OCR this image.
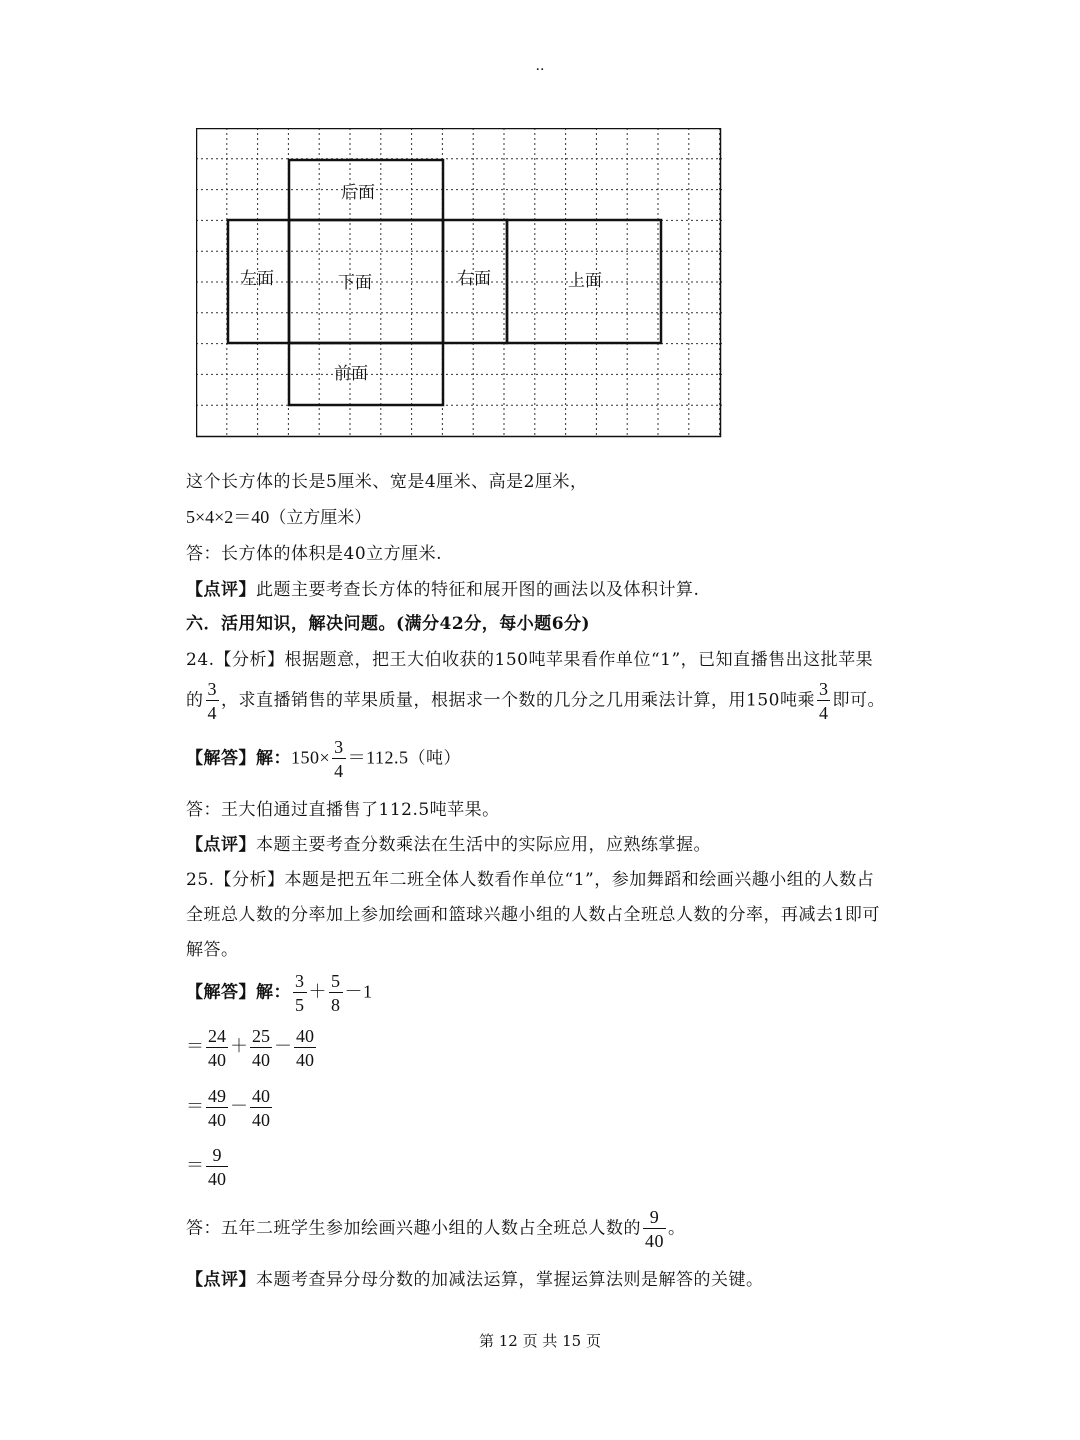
..
后面
左面	下面	右面	上面
前面
这个长方体的长是5厘米、宽是4厘米、高是2厘米，
5×4×2＝40（立方厘米）
答：长方体的体积是40立方厘米.
【点评】此题主要考查长方体的特征和展开图的画法以及体积计算.
六．活用知识，解决问题。(满分42分，每小题6分)
24.【分析】根据题意，把王大伯收获的150吨苹果看作单位“1”，已知直播售出这批苹果
的 $\frac{3}{4}$ ，求直播销售的苹果质量，根据求一个数的几分之几用乘法计算，用150吨乘 $\frac{3}{4}$ 即可。
【解答】解：$150\times \frac{3}{4} =112.5$（吨）
答：王大伯通过直播售了112.5吨苹果。
【点评】本题主要考查分数乘法在生活中的实际应用，应熟练掌握。
25.【分析】本题是把五年二班全体人数看作单位“1”，参加舞蹈和绘画兴趣小组的人数占
全班总人数的分率加上参加绘画和篮球兴趣小组的人数占全班总人数的分率，再减去1即可
解答。
【解答】解： $\frac{3}{5} + \frac{5}{8} -1$
＝ $\frac{24}{40} + \frac{25}{40} - \frac{40}{40}$
＝ $\frac{49}{40} - \frac{40}{40}$
＝ $\frac{9}{40}$
答：五年二班学生参加绘画兴趣小组的人数占全班总人数的 $\frac{9}{40}$ 。
【点评】本题考查异分母分数的加减法运算，掌握运算法则是解答的关键。
第 12 页 共 15 页
